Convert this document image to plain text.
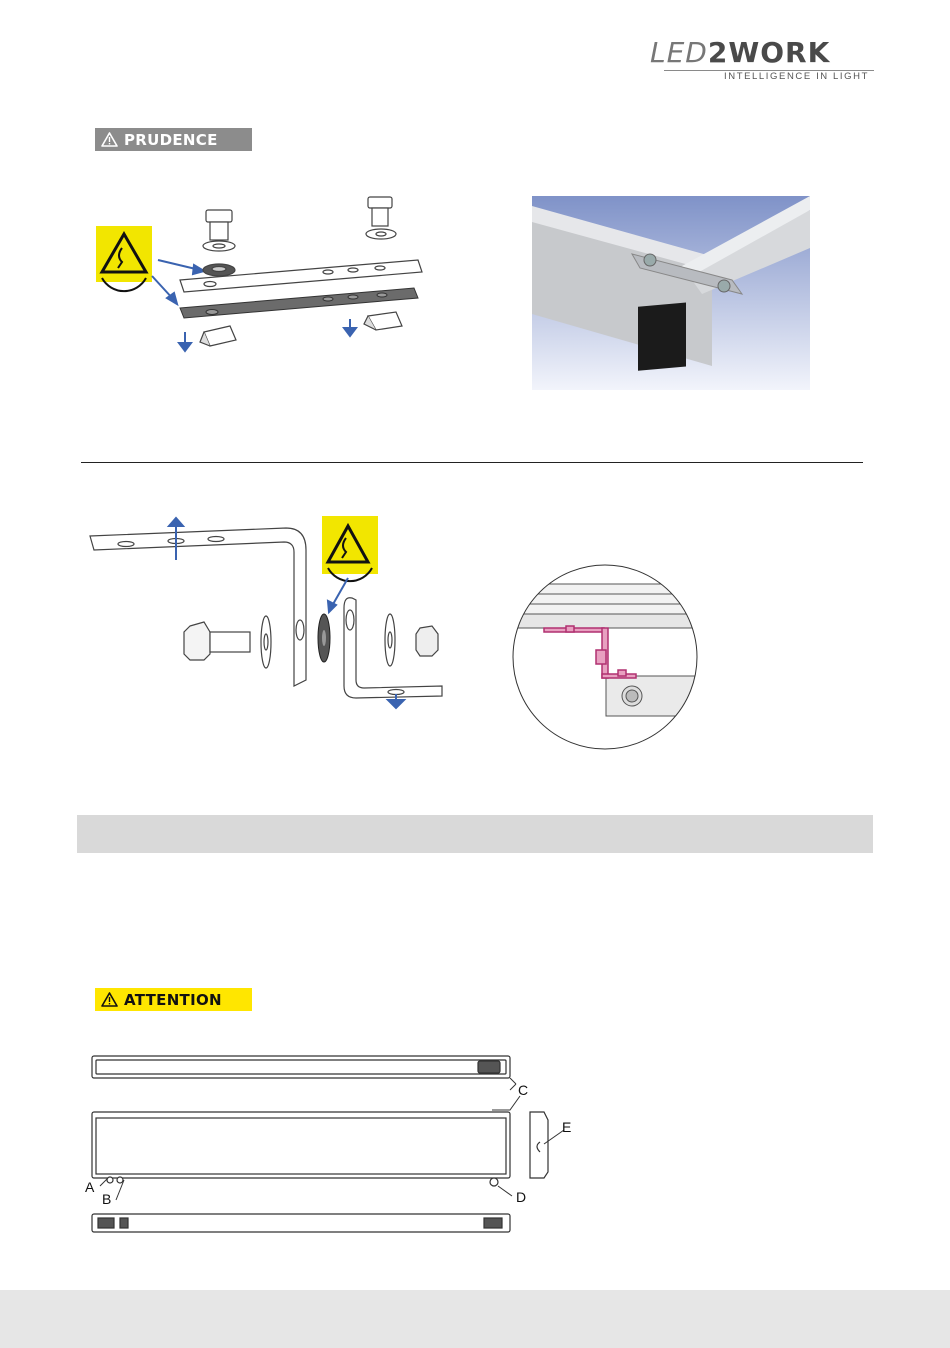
LED2WORK
INTELLIGENCE IN LIGHT
PRUDENCE
ATTENTION
C
A
B	D
E
